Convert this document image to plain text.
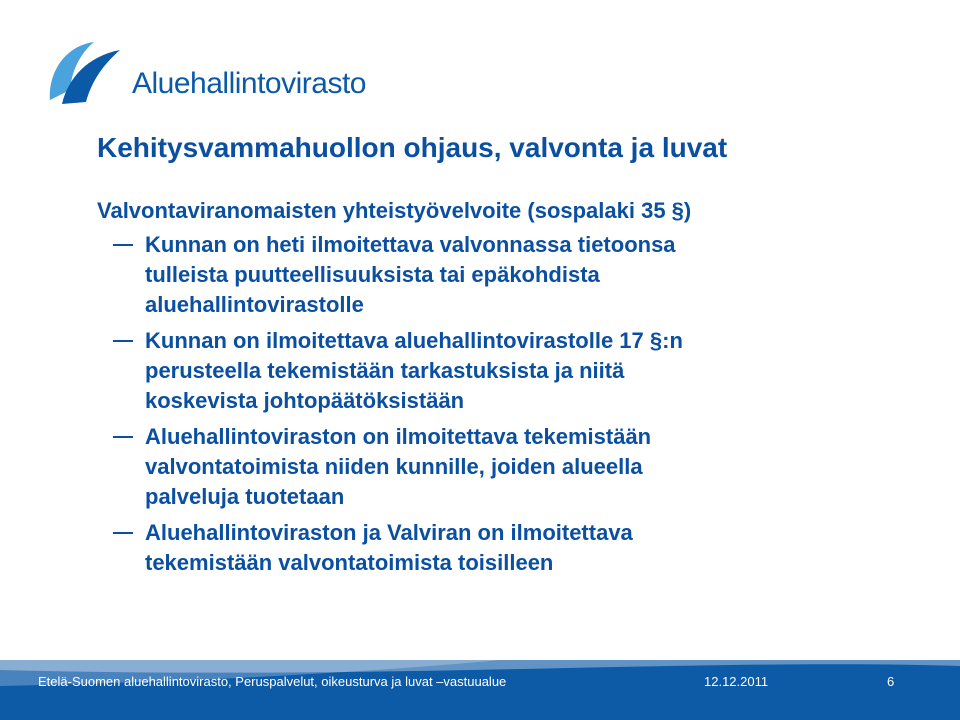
Aluehallintovirasto
Kehitysvammahuollon ohjaus, valvonta ja luvat
Valvontaviranomaisten yhteistyövelvoite (sospalaki 35 §)
Kunnan on heti ilmoitettava valvonnassa tietoonsa
tulleista puutteellisuuksista tai epäkohdista
aluehallintovirastolle
Kunnan on ilmoitettava aluehallintovirastolle 17 §:n
perusteella tekemistään tarkastuksista ja niitä
koskevista johtopäätöksistään
Aluehallintoviraston on ilmoitettava tekemistään
valvontatoimista niiden kunnille, joiden alueella
palveluja tuotetaan
Aluehallintoviraston ja Valviran on ilmoitettava
tekemistään valvontatoimista toisilleen
Etelä-Suomen aluehallintovirasto, Peruspalvelut, oikeusturva ja luvat –vastuualue	12.12.2011	6
